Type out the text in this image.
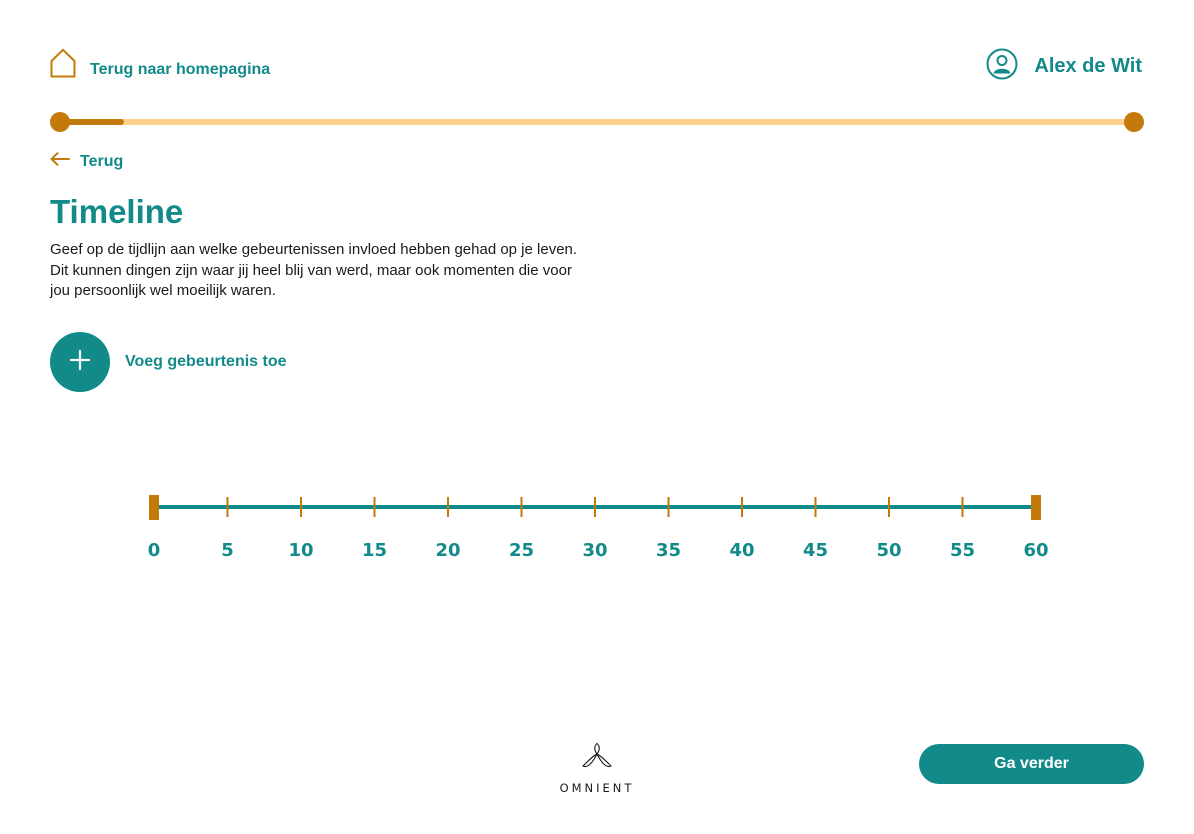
Terug naar homepagina	Alex de Wit
Terug
Timeline
Geef op de tijdlijn aan welke gebeurtenissen invloed hebben gehad op je leven.
Dit kunnen dingen zijn waar jij heel blij van werd, maar ook momenten die voor
jou persoonlijk wel moeilijk waren.
Voeg gebeurtenis toe
0	5	10	15	20	25	30	35	40	45	50	55	60
OMNIENT
Ga verder
